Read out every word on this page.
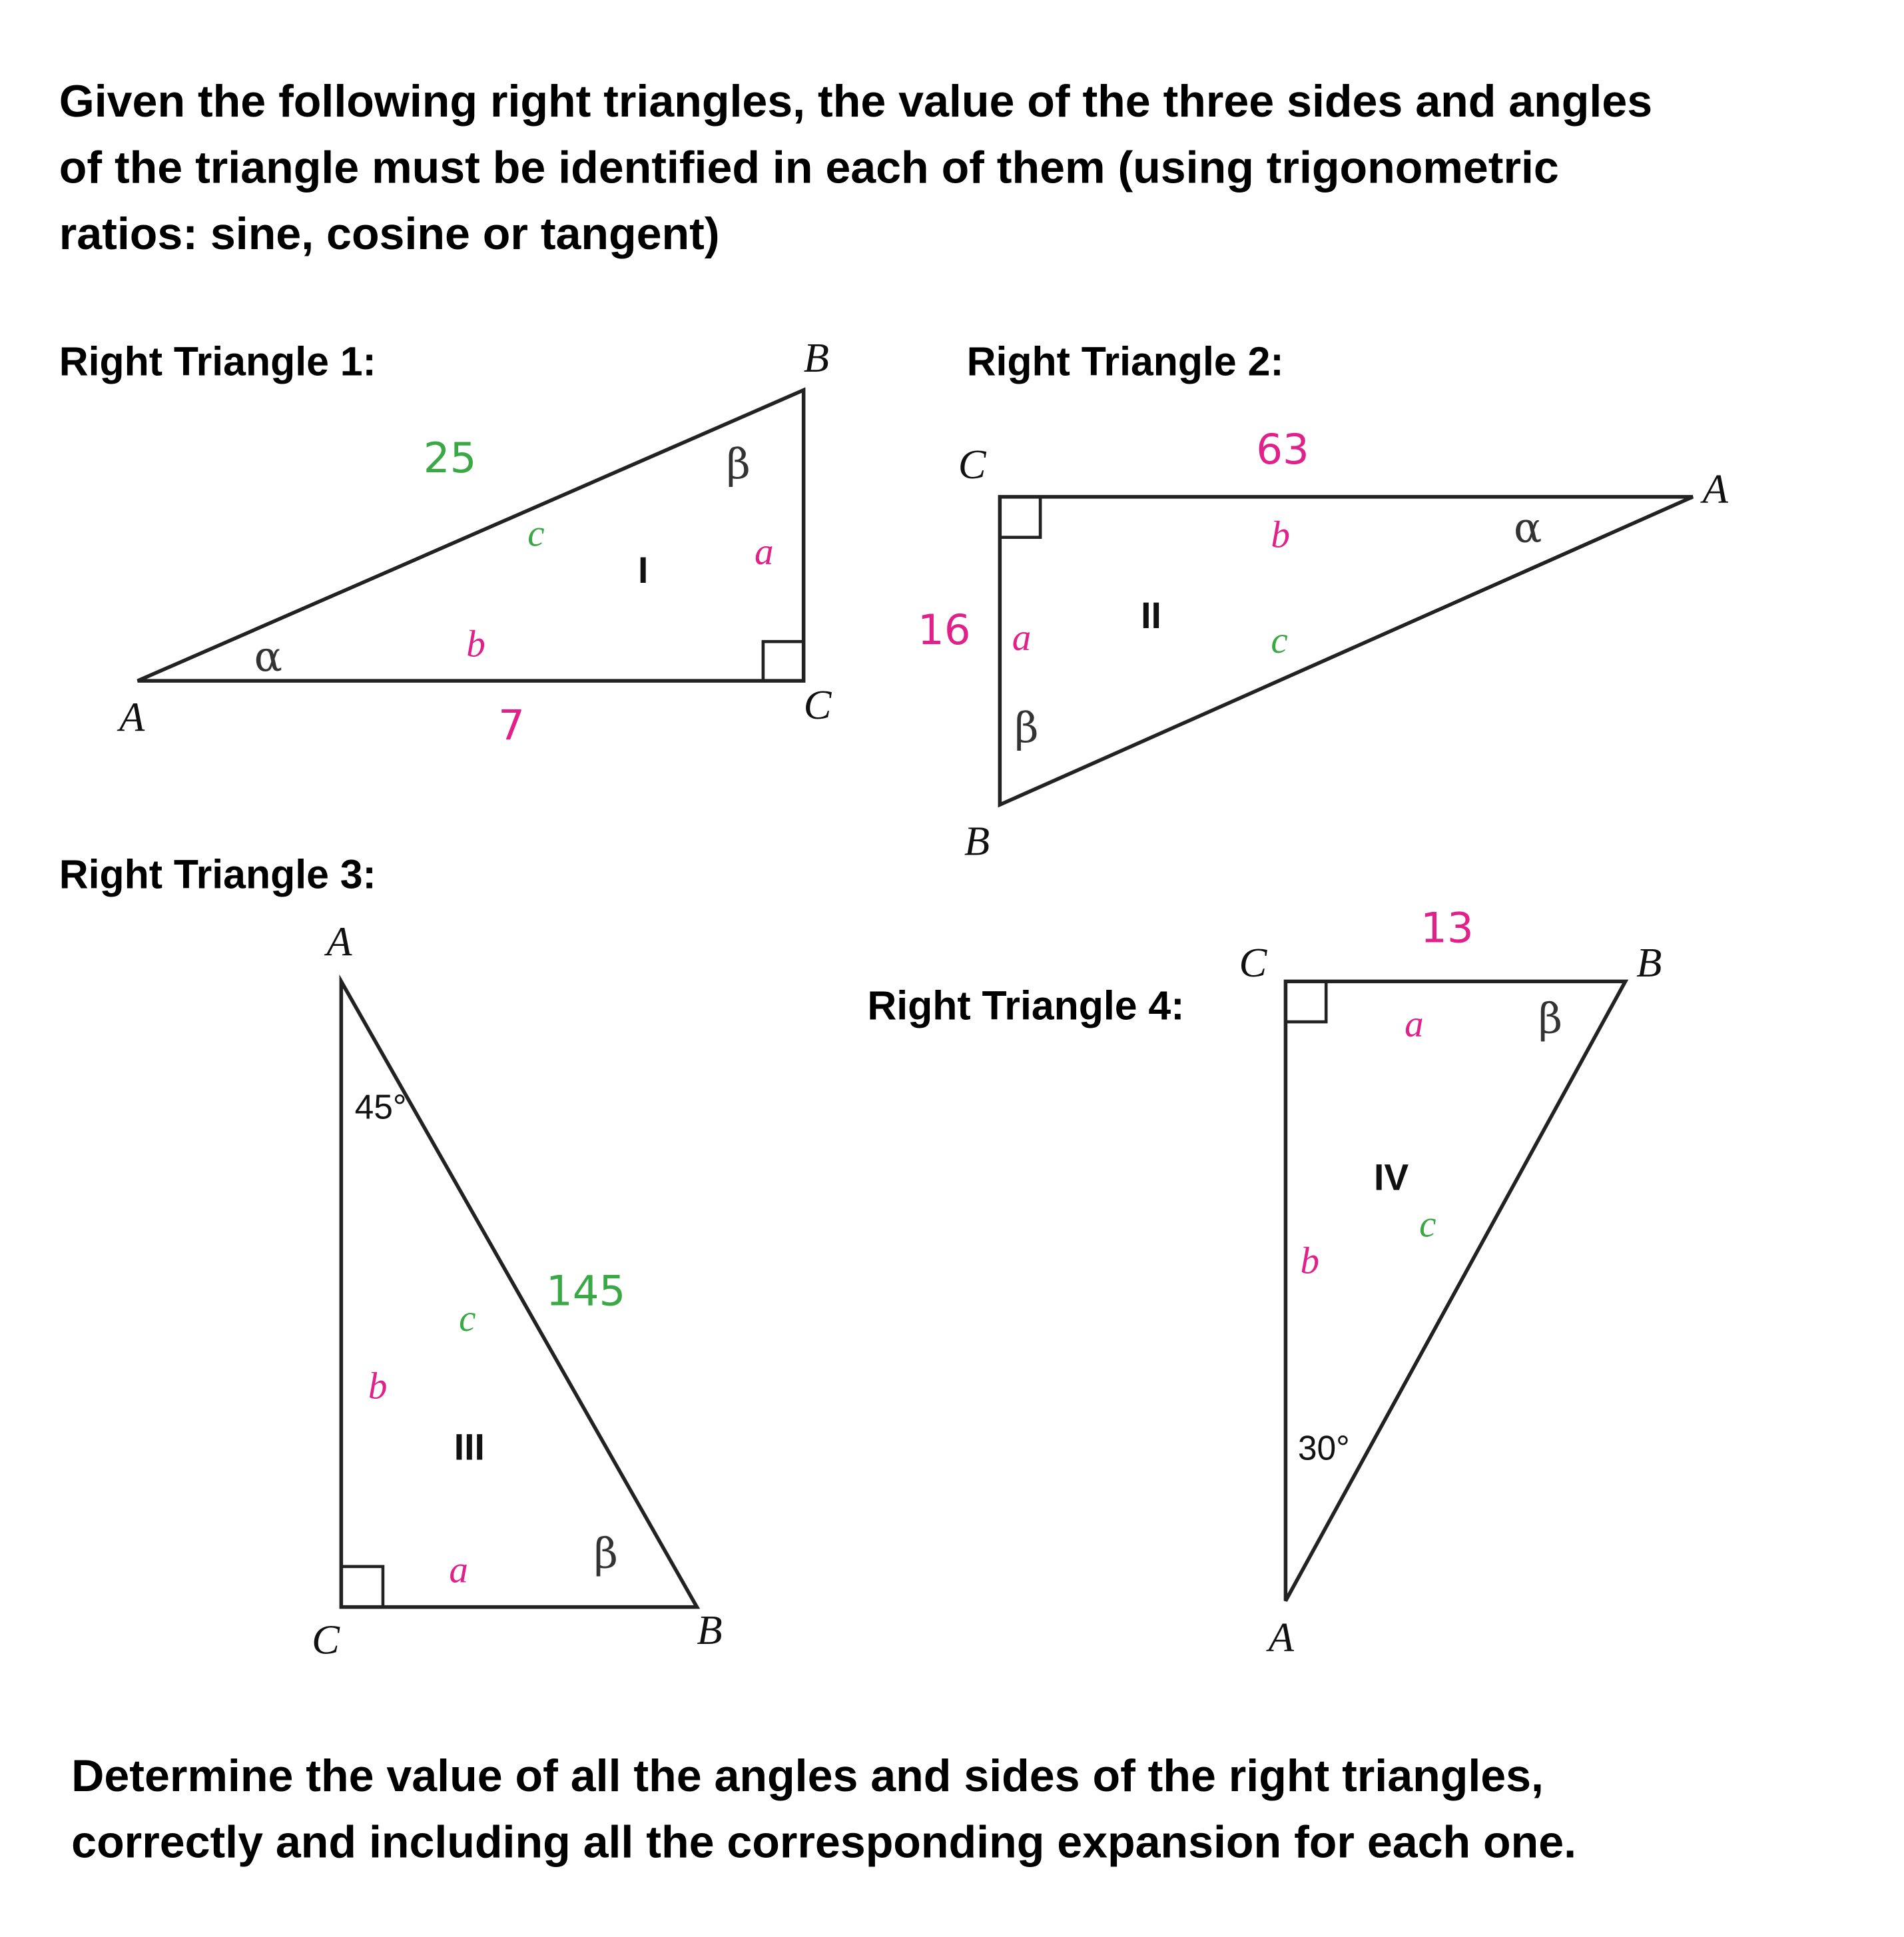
Given the following right triangles, the value of the three sides and angles
of the triangle must be identified in each of them (using trigonometric
ratios: sine, cosine or tangent)
Right Triangle 1:
A
B
C
25
c	a
b
7
α
β
I
Right Triangle 2:
C
A
B
63
b	α
16 a
II
c
β
Right Triangle 3:
A
C	B
45°
145
c
b
III
a	β
Right Triangle 4:
C	B
A
13
a	β
IV
c
b
30°
Determine the value of all the angles and sides of the right triangles,
correctly and including all the corresponding expansion for each one.
